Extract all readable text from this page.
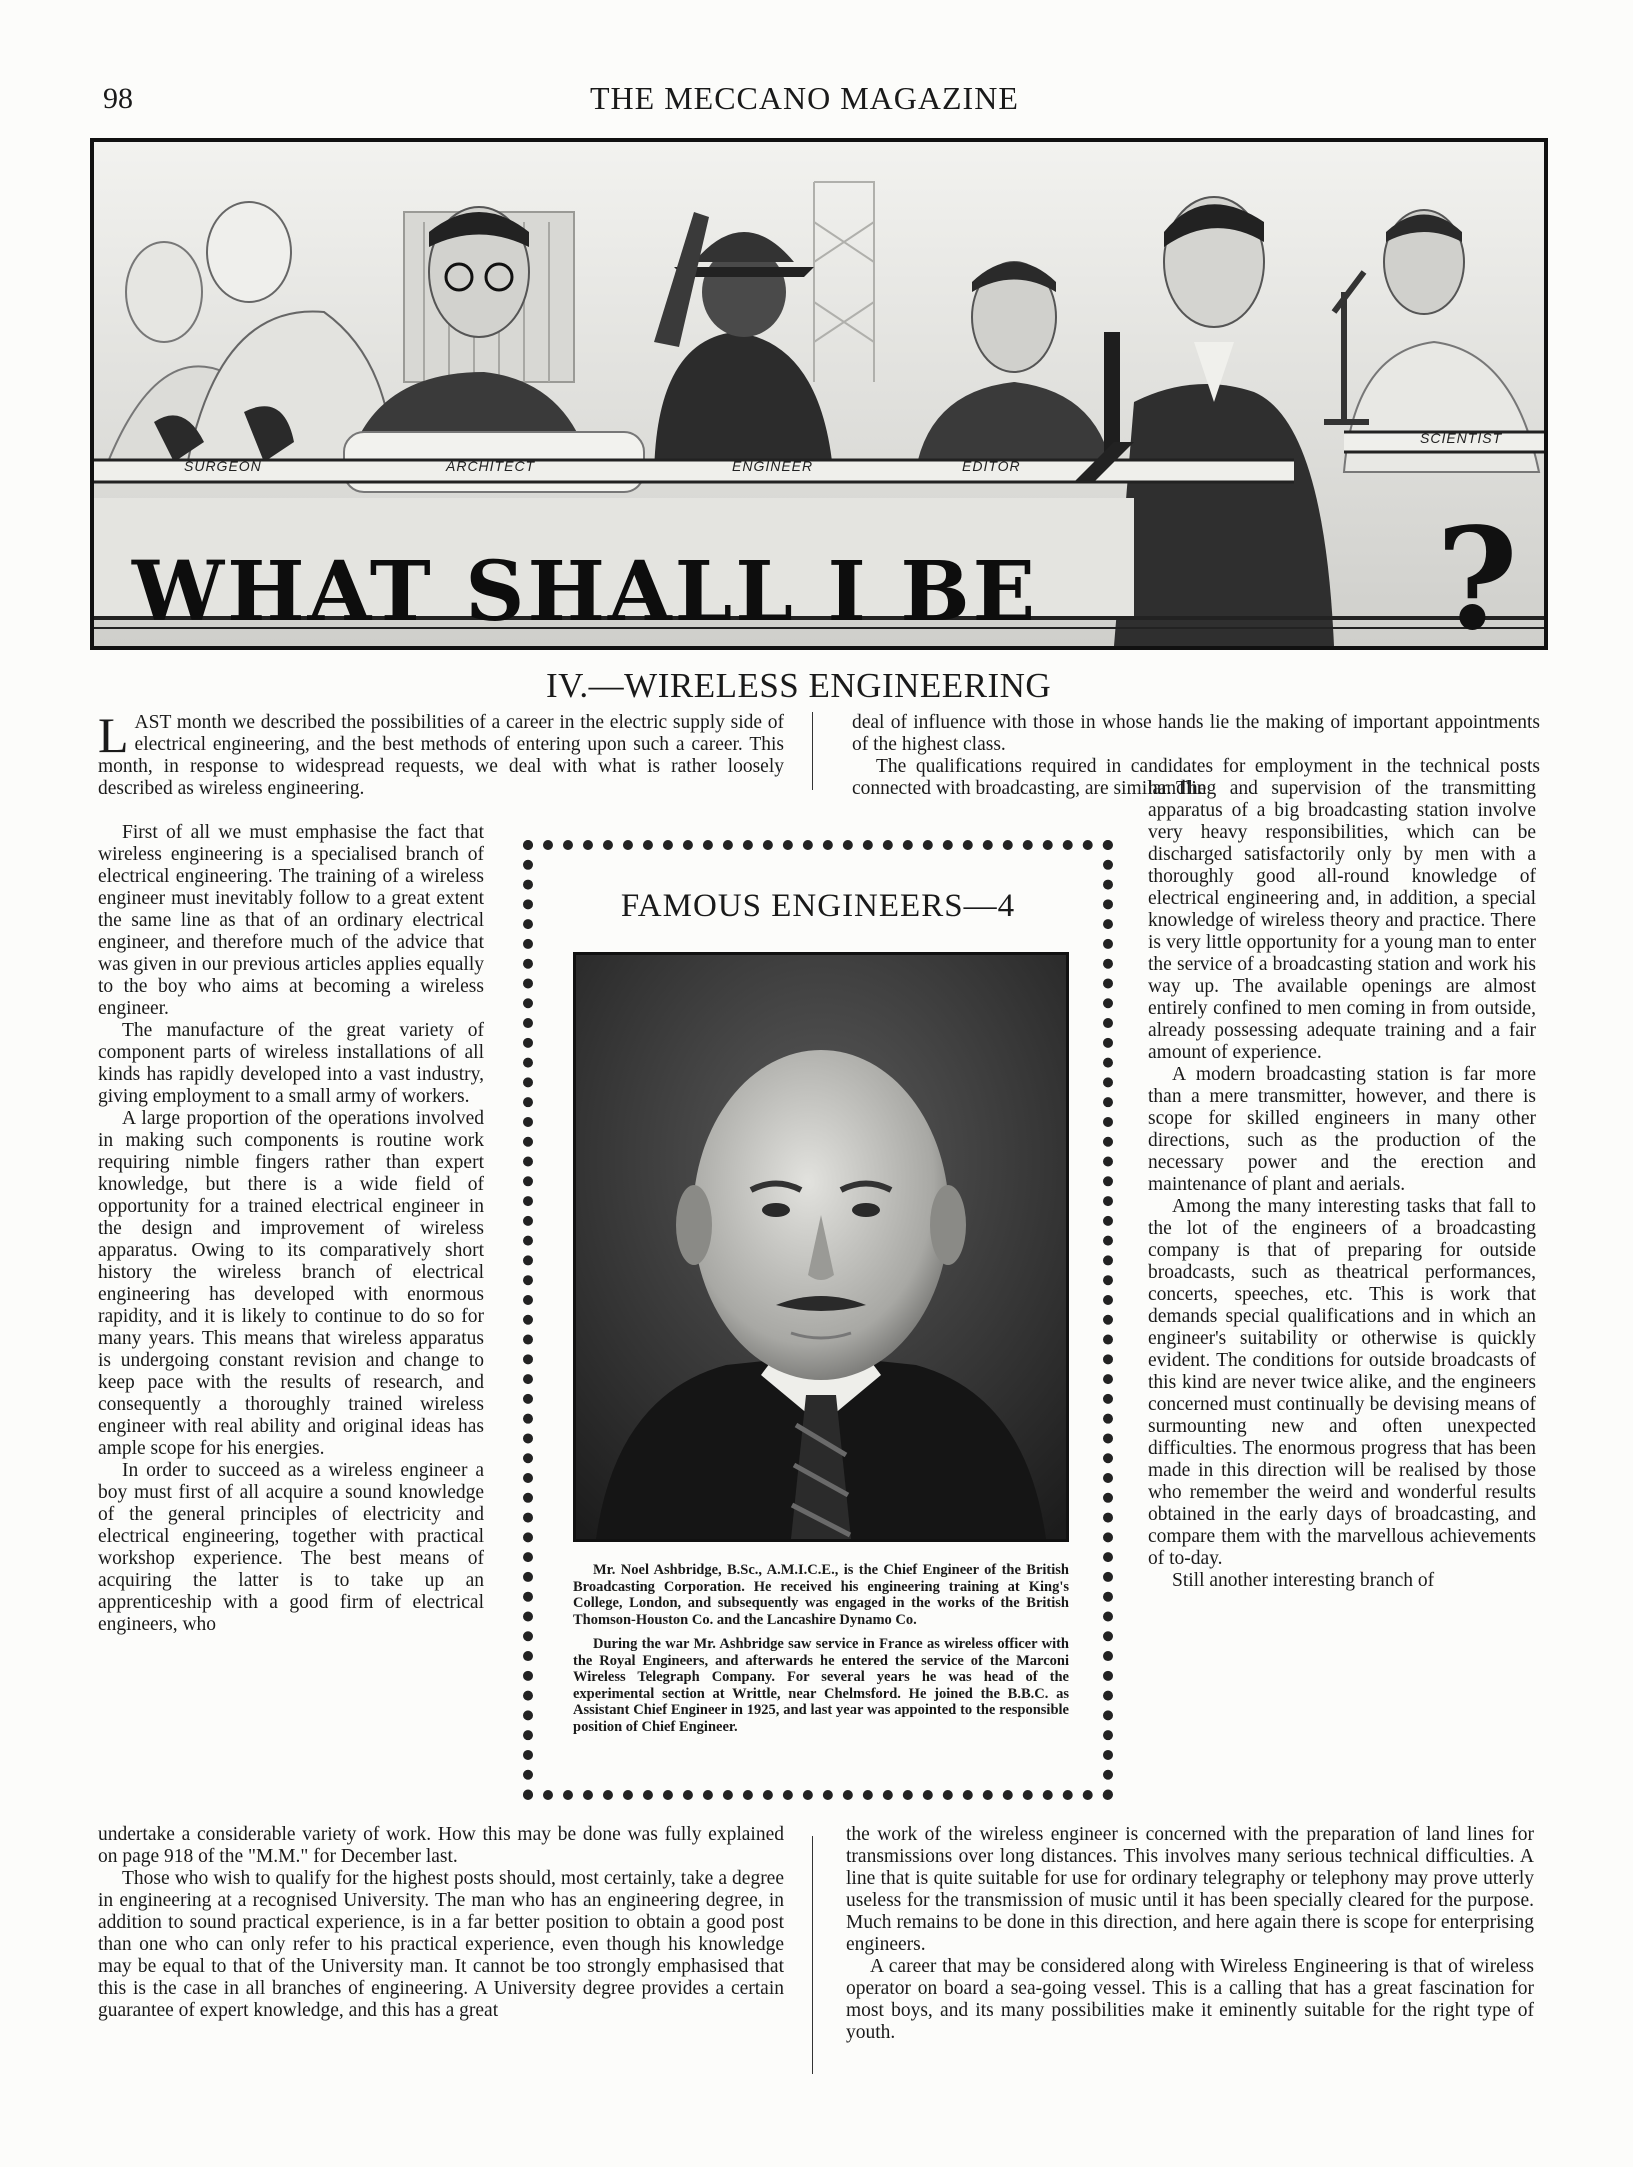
98	THE MECCANO MAGAZINE
SURGEON	ARCHITECT	ENGINEER	EDITOR
SCIENTIST
WHAT SHALL I BE	?
IV.—WIRELESS ENGINEERING
L AST month we described the possibilities of a career in the electric supply side of electrical engineering, and the best methods of entering upon such a career. This month, in response to widespread requests, we deal with what is rather loosely described as wireless engineering.

deal of influence with those in whose hands lie the making of important appointments of the highest class.

The qualifications required in candidates for employment in the technical posts connected with broadcasting, are similar. The

First of all we must emphasise the fact that wireless engineering is a specialised branch of electrical engineering. The training of a wireless engineer must inevitably follow to a great extent the same line as that of an ordinary electrical engineer, and therefore much of the advice that was given in our previous articles applies equally to the boy who aims at becoming a wireless engineer.

The manufacture of the great variety of component parts of wireless installations of all kinds has rapidly developed into a vast industry, giving employment to a small army of workers.

A large proportion of the operations involved in making such components is routine work requiring nimble fingers rather than expert knowledge, but there is a wide field of opportunity for a trained electrical engineer in the design and improvement of wireless apparatus. Owing to its comparatively short history the wireless branch of electrical engineering has developed with enormous rapidity, and it is likely to continue to do so for many years. This means that wireless apparatus is undergoing constant revision and change to keep pace with the results of research, and consequently a thoroughly trained wireless engineer with real ability and original ideas has ample scope for his energies.

In order to succeed as a wireless engineer a boy must first of all acquire a sound knowledge of the general principles of electricity and electrical engineering, together with practical workshop experience. The best means of acquiring the latter is to take up an apprenticeship with a good firm of electrical engineers, who

handling and supervision of the transmitting apparatus of a big broadcasting station involve very heavy responsibilities, which can be discharged satisfactorily only by men with a thoroughly good all-round knowledge of electrical engineering and, in addition, a special knowledge of wireless theory and practice. There is very little opportunity for a young man to enter the service of a broadcasting station and work his way up. The available openings are almost entirely confined to men coming in from outside, already possessing adequate training and a fair amount of experience.

A modern broadcasting station is far more than a mere transmitter, however, and there is scope for skilled engineers in many other directions, such as the production of the necessary power and the erection and maintenance of plant and aerials.

Among the many interesting tasks that fall to the lot of the engineers of a broadcasting company is that of preparing for outside broadcasts, such as theatrical performances, concerts, speeches, etc. This is work that demands special qualifications and in which an engineer's suitability or otherwise is quickly evident. The conditions for outside broadcasts of this kind are never twice alike, and the engineers concerned must continually be devising means of surmounting new and often unexpected difficulties. The enormous progress that has been made in this direction will be realised by those who remember the weird and wonderful results obtained in the early days of broadcasting, and compare them with the marvellous achievements of to-day.

Still another interesting branch of

FAMOUS ENGINEERS—4

Mr. Noel Ashbridge, B.Sc., A.M.I.C.E., is the Chief Engineer of the British Broadcasting Corporation. He received his engineering training at King's College, London, and subsequently was engaged in the works of the British Thomson-Houston Co. and the Lancashire Dynamo Co.

During the war Mr. Ashbridge saw service in France as wireless officer with the Royal Engineers, and afterwards he entered the service of the Marconi Wireless Telegraph Company. For several years he was head of the experimental section at Writtle, near Chelmsford. He joined the B.B.C. as Assistant Chief Engineer in 1925, and last year was appointed to the responsible position of Chief Engineer.

undertake a considerable variety of work. How this may be done was fully explained on page 918 of the "M.M." for December last.

Those who wish to qualify for the highest posts should, most certainly, take a degree in engineering at a recognised University. The man who has an engineering degree, in addition to sound practical experience, is in a far better position to obtain a good post than one who can only refer to his practical experience, even though his knowledge may be equal to that of the University man. It cannot be too strongly emphasised that this is the case in all branches of engineering. A University degree provides a certain guarantee of expert knowledge, and this has a great

the work of the wireless engineer is concerned with the preparation of land lines for transmissions over long distances. This involves many serious technical difficulties. A line that is quite suitable for use for ordinary telegraphy or telephony may prove utterly useless for the transmission of music until it has been specially cleared for the purpose. Much remains to be done in this direction, and here again there is scope for enterprising engineers.

A career that may be considered along with Wireless Engineering is that of wireless operator on board a sea-going vessel. This is a calling that has a great fascination for most boys, and its many possibilities make it eminently suitable for the right type of youth.
